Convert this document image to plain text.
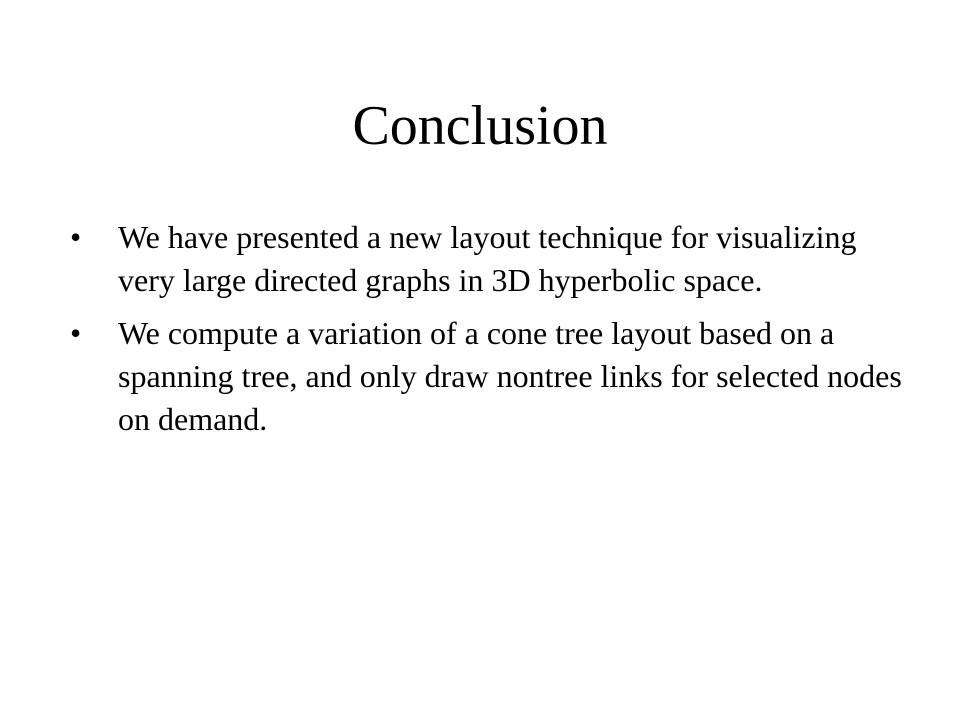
Conclusion
• We have presented a new layout technique for visualizing very large directed graphs in 3D hyperbolic space.
• We compute a variation of a cone tree layout based on a spanning tree, and only draw nontree links for selected nodes on demand.
